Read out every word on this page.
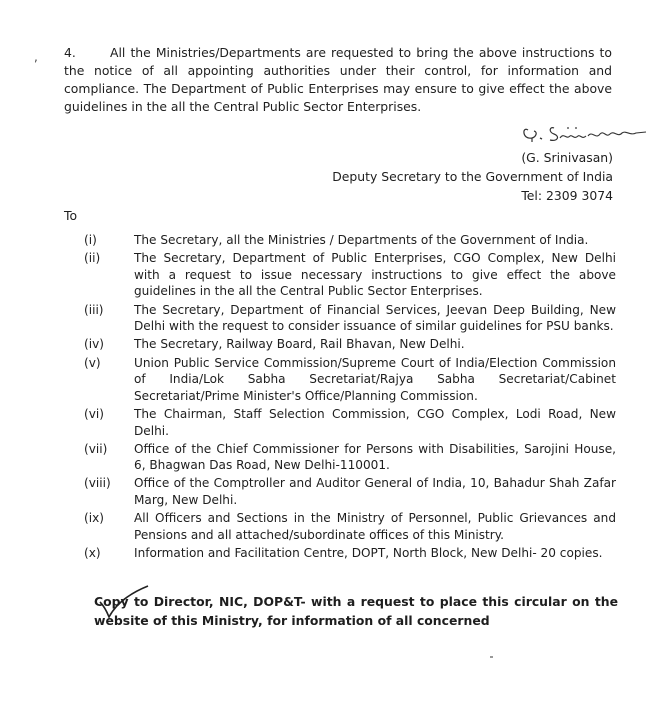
, 4.	All the Ministries/Departments are requested to bring the above instructions to the notice of all appointing authorities under their control, for information and compliance. The Department of Public Enterprises may ensure to give effect the above guidelines in the all the Central Public Sector Enterprises.

(G. Srinivasan)
Deputy Secretary to the Government of India
Tel: 2309 3074
To
(i)	The Secretary, all the Ministries / Departments of the Government of India.
(ii)	The Secretary, Department of Public Enterprises, CGO Complex, New Delhi with a request to issue necessary instructions to give effect the above guidelines in the all the Central Public Sector Enterprises.
(iii)	The Secretary, Department of Financial Services, Jeevan Deep Building, New Delhi with the request to consider issuance of similar guidelines for PSU banks.
(iv)	The Secretary, Railway Board, Rail Bhavan, New Delhi.
(v)	Union Public Service Commission/Supreme Court of India/Election Commission of India/Lok Sabha Secretariat/Rajya Sabha Secretariat/Cabinet Secretariat/Prime Minister's Office/Planning Commission.
(vi)	The Chairman, Staff Selection Commission, CGO Complex, Lodi Road, New Delhi.
(vii)	Office of the Chief Commissioner for Persons with Disabilities, Sarojini House, 6, Bhagwan Das Road, New Delhi-110001.
(viii)	Office of the Comptroller and Auditor General of India, 10, Bahadur Shah Zafar Marg, New Delhi.
(ix)	All Officers and Sections in the Ministry of Personnel, Public Grievances and Pensions and all attached/subordinate offices of this Ministry.
(x)	Information and Facilitation Centre, DOPT, North Block, New Delhi- 20 copies.

Copy to Director, NIC, DOP&T- with a request to place this circular on the website of this Ministry, for information of all concerned
